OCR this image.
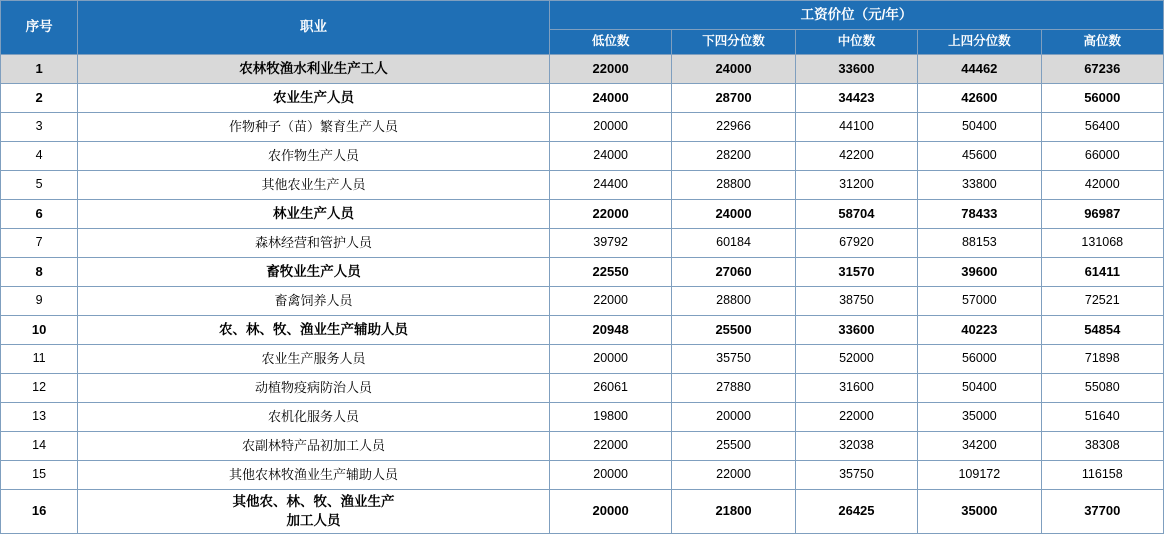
序号	职业	工资价位（元/年）				
		低位数	下四分位数	中位数	上四分位数	高位数
1	农林牧渔水利业生产工人	22000	24000	33600	44462	67236
2	农业生产人员	24000	28700	34423	42600	56000
3	作物种子（苗）繁育生产人员	20000	22966	44100	50400	56400
4	农作物生产人员	24000	28200	42200	45600	66000
5	其他农业生产人员	24400	28800	31200	33800	42000
6	林业生产人员	22000	24000	58704	78433	96987
7	森林经营和管护人员	39792	60184	67920	88153	131068
8	畜牧业生产人员	22550	27060	31570	39600	61411
9	畜禽饲养人员	22000	28800	38750	57000	72521
10	农、林、牧、渔业生产辅助人员	20948	25500	33600	40223	54854
11	农业生产服务人员	20000	35750	52000	56000	71898
12	动植物疫病防治人员	26061	27880	31600	50400	55080
13	农机化服务人员	19800	20000	22000	35000	51640
14	农副林特产品初加工人员	22000	25500	32038	34200	38308
15	其他农林牧渔业生产辅助人员	20000	22000	35750	109172	116158
16	其他农、林、牧、渔业生产
加工人员	20000	21800	26425	35000	37700
